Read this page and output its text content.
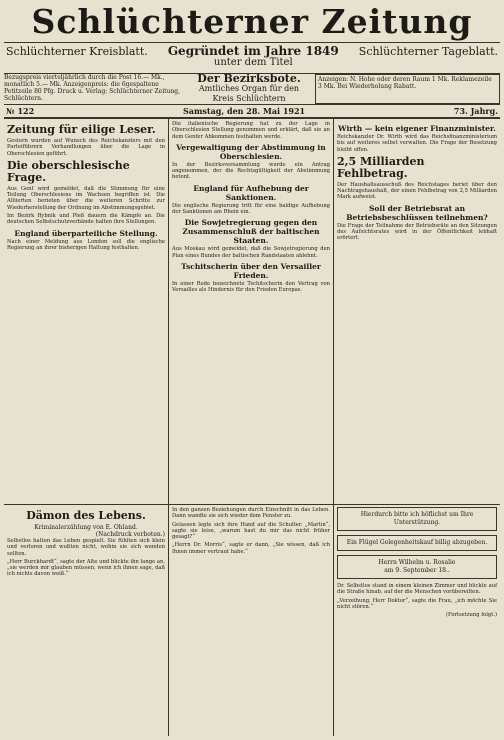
Schlüchterner Zeitung
Schlüchterner Kreisblatt. Gegründet im Jahre 1849
unter dem Titel
Schlüchterner Tageblatt.
Bezugspreis vierteljährlich durch die Post 16.— Mk., monatlich 5.— Mk. Anzeigenpreis: die 6gespaltene Petitzeile 80 Pfg. Druck u. Verlag: Schlüchterner Zeitung, Schlüchtern.
Der Bezirksbote.
Amtliches Organ für den Kreis Schlüchtern
Anzeigen: N. Hohe oder deren Raum 1 Mk. Reklamezeile 3 Mk. Bei Wiederholung Rabatt.
№ 122	Samstag, den 28. Mai 1921	73. Jahrg.
Zeitung für eilige Leser.

Gestern wurden auf Wunsch des Reichskanzlers mit den Parteiführern Verhandlungen über die Lage in Oberschlesien geführt.

Die oberschlesische Frage.

Aus Genf wird gemeldet, daß die Stimmung für eine Teilung Oberschlesiens im Wachsen begriffen ist. Die Alliierten berieten über die weiteren Schritte zur Wiederherstellung der Ordnung im Abstimmungsgebiet.

Im Bezirk Rybnik und Pleß dauern die Kämpfe an. Die deutschen Selbstschutzverbände halten ihre Stellungen.

England überparteiliche Stellung.

Nach einer Meldung aus London soll die englische Regierung an ihrer bisherigen Haltung festhalten.

Die italienische Regierung hat zu der Lage in Oberschlesien Stellung genommen und erklärt, daß sie an dem Genfer Abkommen festhalten werde.

Vergewaltigung der Abstimmung in Oberschlesien.

In der Bezirksversammlung wurde ein Antrag angenommen, der die Rechtsgültigkeit der Abstimmung betont.

England für Aufhebung der Sanktionen.

Die englische Regierung tritt für eine baldige Aufhebung der Sanktionen am Rhein ein.

Die Sowjetregierung gegen den Zusammenschluß der baltischen Staaten.

Aus Moskau wird gemeldet, daß die Sowjetregierung den Plan eines Bundes der baltischen Randstaaten ablehnt.

Tschitscherin über den Versailler Frieden.

In einer Rede bezeichnete Tschitscherin den Vertrag von Versailles als Hindernis für den Frieden Europas.

Wirth — kein eigener Finanzminister.

Reichskanzler Dr. Wirth wird das Reichsfinanzministerium bis auf weiteres selbst verwalten. Die Frage der Besetzung bleibt offen.

2,5 Milliarden Fehlbetrag.

Der Haushaltsausschuß des Reichstages beriet über den Nachtragshaushalt, der einen Fehlbetrag von 2,5 Milliarden Mark aufweist.

Soll der Betriebsrat an Betriebsbeschlüssen teilnehmen?

Die Frage der Teilnahme der Betriebsräte an den Sitzungen des Aufsichtsrates wird in der Öffentlichkeit lebhaft erörtert.

Dämon des Lebens.
Kriminalerzählung von E. Ohland.
(Nachdruck verboten.)

Selbstlos hatten das Leben gespielt. Sie fühlten sich klein und verloren und wußten nicht, wohin sie sich wenden sollten.

„Herr Burckhardt“, sagte der Alte und blickte ihn lange an, „sie werden mir glauben müssen, wenn ich ihnen sage, daß ich nichts davon weiß.“

In den ganzen Beziehungen durch Einschnitt in das Leben. Dann wandte sie sich wieder dem Fenster zu.

Gelassen legte sich ihre Hand auf die Schulter. „Martin“, sagte sie leise, „warum hast du mir das nicht früher gesagt?“

„Herrn Dr. Morris“, sagte er dann, „Sie wissen, daß ich Ihnen immer vertraut habe.“

Hierdurch bitte ich höflichst um Ihre Unterstützung.
Ein Flügel Gelegenheitskauf billig abzugeben.
Herrn Wilhelm u. Rosalie
am 9. September 18..

Dr. Selbstlos stand in einem kleinen Zimmer und blickte auf die Straße hinab, auf der die Menschen vorübereilten.

„Verzeihung, Herr Doktor“, sagte die Frau, „ich möchte Sie nicht stören.“

(Fortsetzung folgt.)
